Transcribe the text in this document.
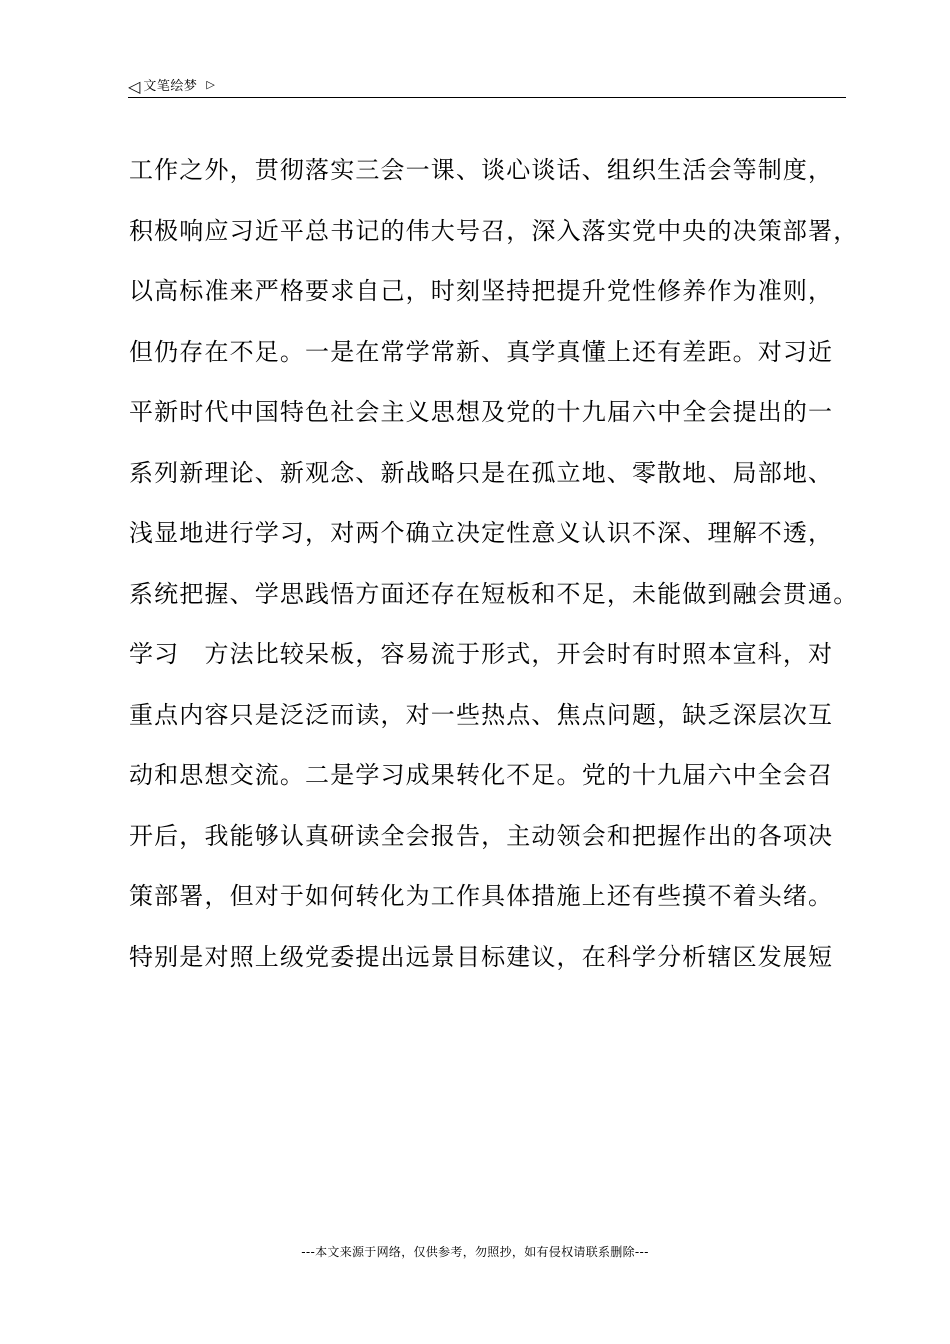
◁ 文笔绘梦 ▷
工作之外，贯彻落实三会一课、谈心谈话、组织生活会等制度，
积极响应习近平总书记的伟大号召，深入落实党中央的决策部署，
以高标准来严格要求自己，时刻坚持把提升党性修养作为准则，
但仍存在不足。一是在常学常新、真学真懂上还有差距。对习近
平新时代中国特色社会主义思想及党的十九届六中全会提出的一
系列新理论、新观念、新战略只是在孤立地、零散地、局部地、
浅显地进行学习，对两个确立决定性意义认识不深、理解不透，
系统把握、学思践悟方面还存在短板和不足，未能做到融会贯通。
学习　方法比较呆板，容易流于形式，开会时有时照本宣科，对
重点内容只是泛泛而读，对一些热点、焦点问题，缺乏深层次互
动和思想交流。二是学习成果转化不足。党的十九届六中全会召
开后，我能够认真研读全会报告，主动领会和把握作出的各项决
策部署，但对于如何转化为工作具体措施上还有些摸不着头绪。
特别是对照上级党委提出远景目标建议，在科学分析辖区发展短
---本文来源于网络，仅供参考，勿照抄，如有侵权请联系删除---
